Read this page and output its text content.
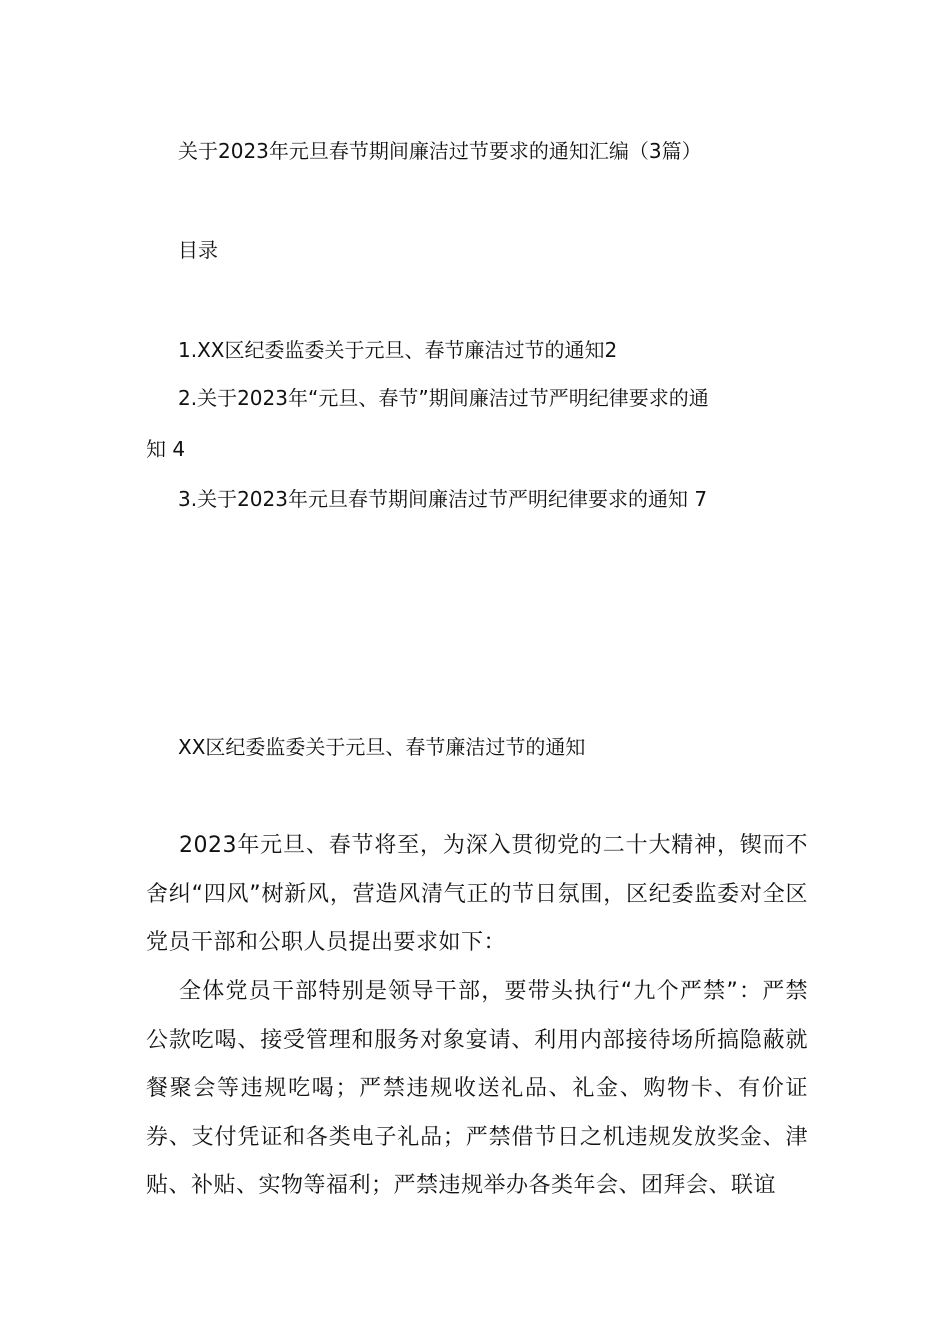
关于2023年元旦春节期间廉洁过节要求的通知汇编（3篇）
目录
1.XX区纪委监委关于元旦、春节廉洁过节的通知2
2.关于2023年“元旦、春节”期间廉洁过节严明纪律要求的通
知 4
3.关于2023年元旦春节期间廉洁过节严明纪律要求的通知 7
XX区纪委监委关于元旦、春节廉洁过节的通知
2023年元旦、春节将至，为深入贯彻党的二十大精神，锲而不舍纠“四风”树新风，营造风清气正的节日氛围，区纪委监委对全区党员干部和公职人员提出要求如下：
全体党员干部特别是领导干部，要带头执行“九个严禁”：严禁公款吃喝、接受管理和服务对象宴请、利用内部接待场所搞隐蔽就餐聚会等违规吃喝；严禁违规收送礼品、礼金、购物卡、有价证券、支付凭证和各类电子礼品；严禁借节日之机违规发放奖金、津贴、补贴、实物等福利；严禁违规举办各类年会、团拜会、联谊
